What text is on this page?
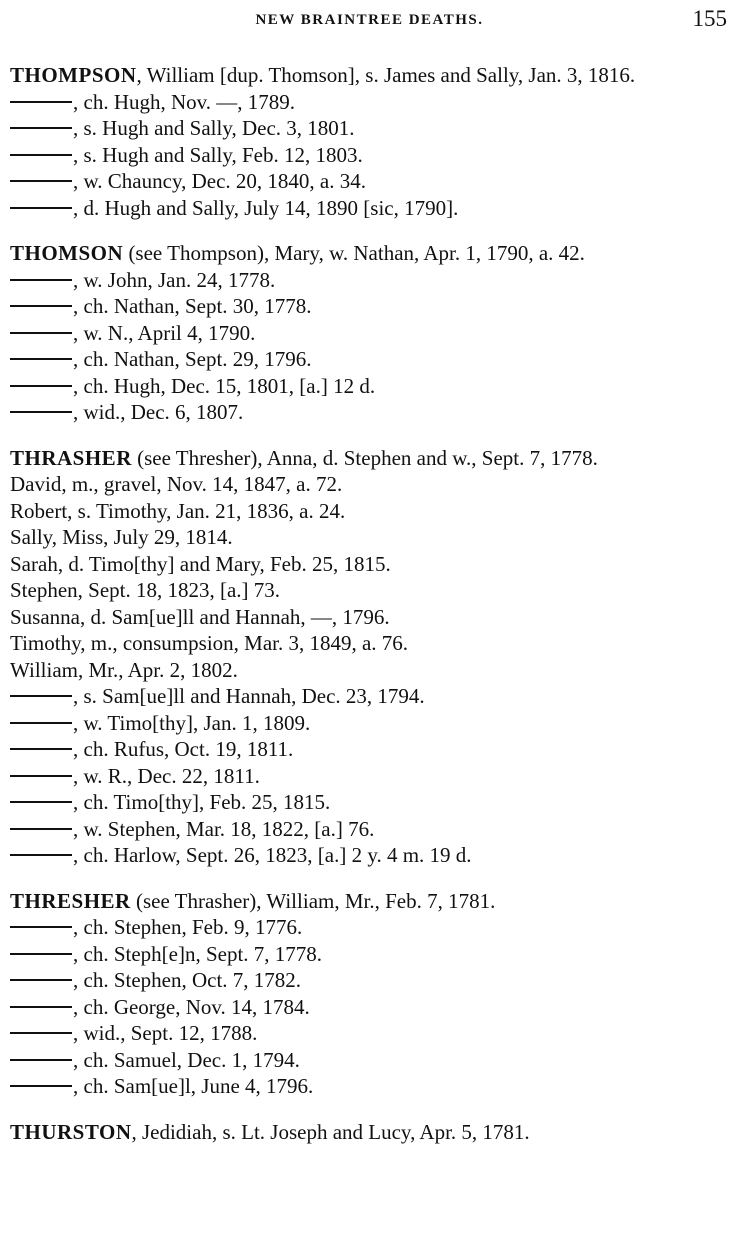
NEW BRAINTREE DEATHS.	155
THOMPSON, William [dup. Thomson], s. James and Sally, Jan. 3, 1816.
, ch. Hugh, Nov. —, 1789.
, s. Hugh and Sally, Dec. 3, 1801.
, s. Hugh and Sally, Feb. 12, 1803.
, w. Chauncy, Dec. 20, 1840, a. 34.
, d. Hugh and Sally, July 14, 1890 [sic, 1790].
THOMSON (see Thompson), Mary, w. Nathan, Apr. 1, 1790, a. 42.
, w. John, Jan. 24, 1778.
, ch. Nathan, Sept. 30, 1778.
, w. N., April 4, 1790.
, ch. Nathan, Sept. 29, 1796.
, ch. Hugh, Dec. 15, 1801, [a.] 12 d.
, wid., Dec. 6, 1807.
THRASHER (see Thresher), Anna, d. Stephen and w., Sept. 7, 1778.
David, m., gravel, Nov. 14, 1847, a. 72.
Robert, s. Timothy, Jan. 21, 1836, a. 24.
Sally, Miss, July 29, 1814.
Sarah, d. Timo[thy] and Mary, Feb. 25, 1815.
Stephen, Sept. 18, 1823, [a.] 73.
Susanna, d. Sam[ue]ll and Hannah, —, 1796.
Timothy, m., consumpsion, Mar. 3, 1849, a. 76.
William, Mr., Apr. 2, 1802.
, s. Sam[ue]ll and Hannah, Dec. 23, 1794.
, w. Timo[thy], Jan. 1, 1809.
, ch. Rufus, Oct. 19, 1811.
, w. R., Dec. 22, 1811.
, ch. Timo[thy], Feb. 25, 1815.
, w. Stephen, Mar. 18, 1822, [a.] 76.
, ch. Harlow, Sept. 26, 1823, [a.] 2 y. 4 m. 19 d.
THRESHER (see Thrasher), William, Mr., Feb. 7, 1781.
, ch. Stephen, Feb. 9, 1776.
, ch. Steph[e]n, Sept. 7, 1778.
, ch. Stephen, Oct. 7, 1782.
, ch. George, Nov. 14, 1784.
, wid., Sept. 12, 1788.
, ch. Samuel, Dec. 1, 1794.
, ch. Sam[ue]l, June 4, 1796.
THURSTON, Jedidiah, s. Lt. Joseph and Lucy, Apr. 5, 1781.
